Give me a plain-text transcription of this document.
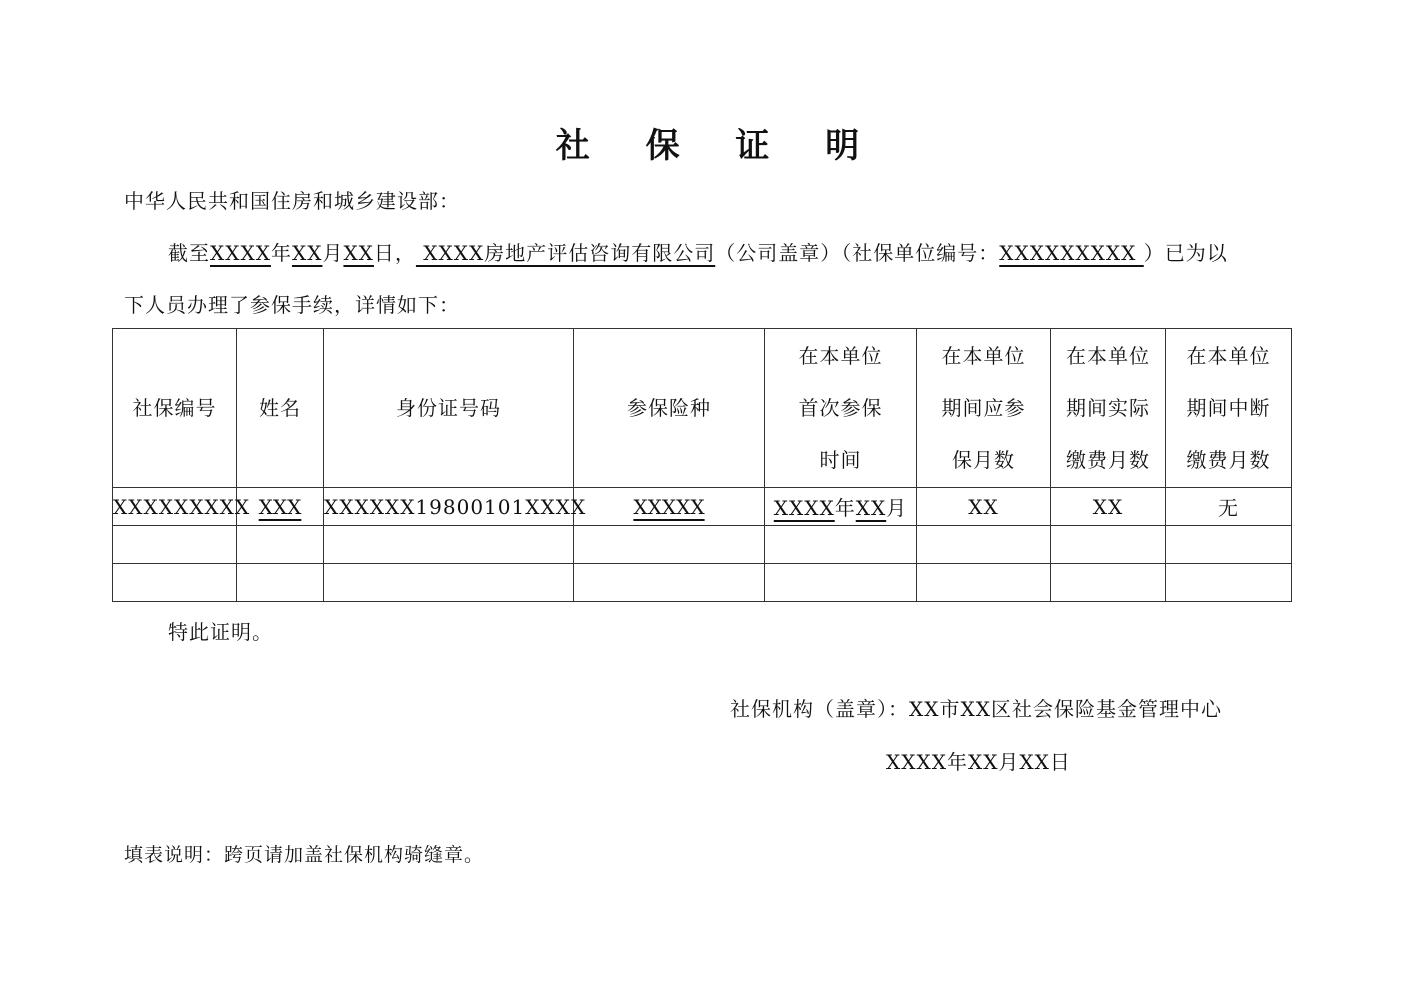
社 保 证 明
中华人民共和国住房和城乡建设部：
截至XXXX年XX月XX日， XXXX房地产评估咨询有限公司（公司盖章）（社保单位编号：XXXXXXXXX ）已为以
下人员办理了参保手续，详情如下：
社保编号	姓名	身份证号码	参保险种	在本单位首次参保时间	在本单位期间应参保月数	在本单位期间实际缴费月数	在本单位期间中断缴费月数
XXXXXXXXX	XXX	XXXXXX19800101XXXX	XXXXX	XXXX年XX月	XX	XX	无

特此证明。
社保机构（盖章）：XX市XX区社会保险基金管理中心
XXXX年XX月XX日
填表说明：跨页请加盖社保机构骑缝章。
